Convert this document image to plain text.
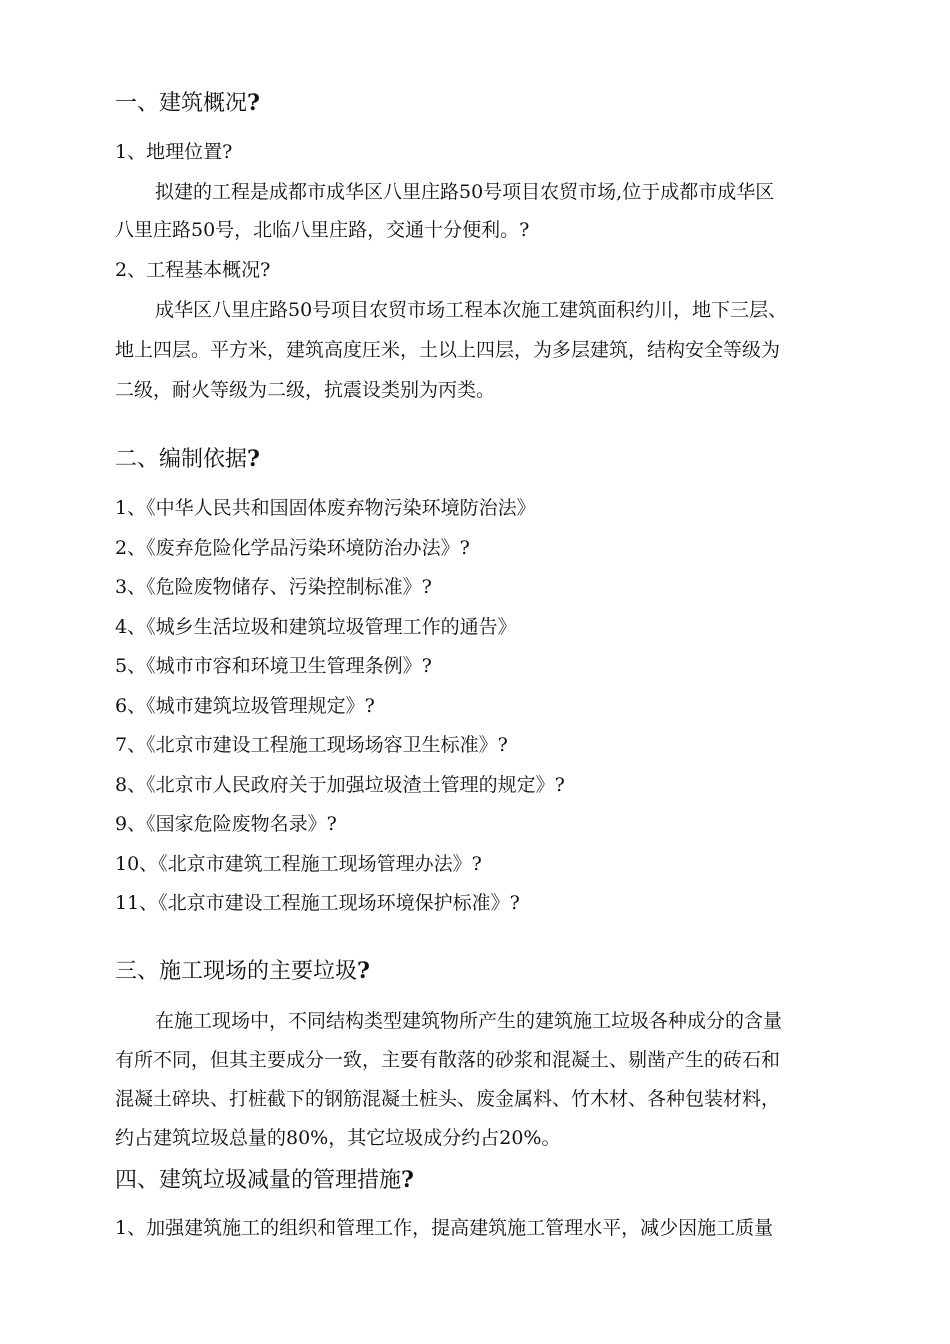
一、建筑概况?
1、地理位置?
拟建的工程是成都市成华区八里庄路50号项目农贸市场,位于成都市成华区
八里庄路50号，北临八里庄路，交通十分便利。?
2、工程基本概况?
成华区八里庄路50号项目农贸市场工程本次施工建筑面积约川，地下三层、
地上四层。平方米，建筑高度圧米，土以上四层，为多层建筑，结构安全等级为
二级，耐火等级为二级，抗震设类别为丙类。
二、编制依据?
1、《中华人民共和国固体废弃物污染环境防治法》
2、《废弃危险化学品污染环境防治办法》?
3、《危险废物储存、污染控制标准》?
4、《城乡生活垃圾和建筑垃圾管理工作的通告》
5、《城市市容和环境卫生管理条例》?
6、《城市建筑垃圾管理规定》?
7、《北京市建设工程施工现场场容卫生标准》?
8、《北京市人民政府关于加强垃圾渣土管理的规定》?
9、《国家危险废物名录》?
10、《北京市建筑工程施工现场管理办法》?
11、《北京市建设工程施工现场环境保护标准》?
三、施工现场的主要垃圾?
在施工现场中，不同结构类型建筑物所产生的建筑施工垃圾各种成分的含量
有所不同，但其主要成分一致，主要有散落的砂浆和混凝土、剔凿产生的砖石和
混凝土碎块、打桩截下的钢筋混凝土桩头、废金属料、竹木材、各种包装材料，
约占建筑垃圾总量的80%，其它垃圾成分约占20%。
四、建筑垃圾减量的管理措施?
1、加强建筑施工的组织和管理工作，提高建筑施工管理水平，减少因施工质量
